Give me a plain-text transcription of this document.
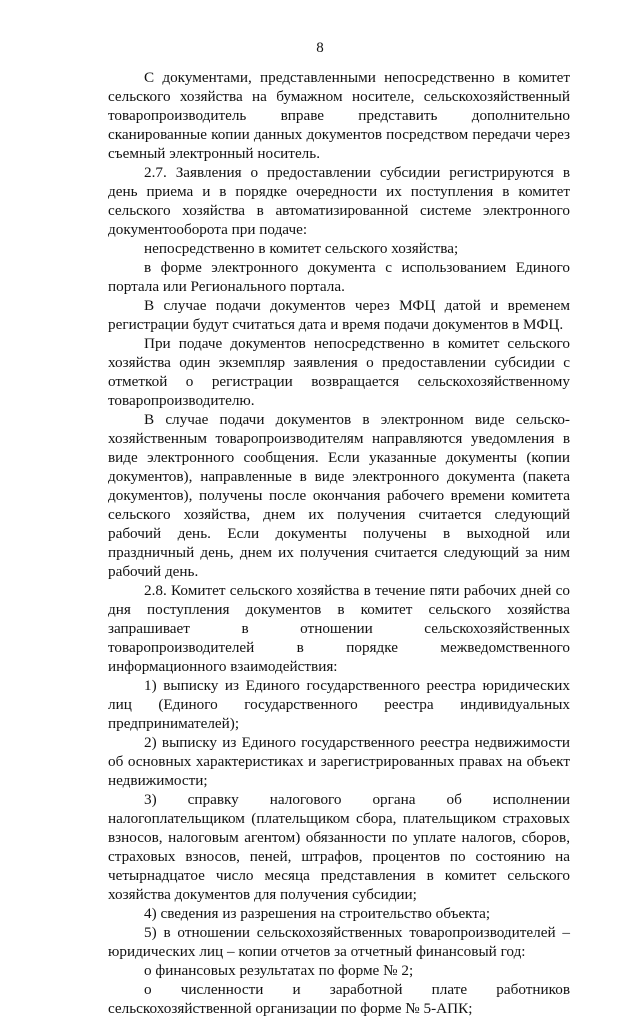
8

С документами, представленными непосредственно в комитет сельского хозяйства на бумажном носителе, сельскохозяйственный товаропроизводитель вправе представить дополнительно сканированные копии данных документов посредством передачи через съемный электронный носитель.

2.7. Заявления о предоставлении субсидии регистрируются в день приема и в порядке очередности их поступления в комитет сельского хозяйства в автоматизированной системе электронного документооборота при подаче:

непосредственно в комитет сельского хозяйства;

в форме электронного документа с использованием Единого портала или Регионального портала.

В случае подачи документов через МФЦ датой и временем регистрации будут считаться дата и время подачи документов в МФЦ.

При подаче документов непосредственно в комитет сельского хозяйства один экземпляр заявления о предоставлении субсидии с отметкой о регистрации возвращается сельскохозяйственному товаропроизводителю.

В случае подачи документов в электронном виде сельско-хозяйственным товаропроизводителям направляются уведомления в виде электронного сообщения. Если указанные документы (копии документов), направленные в виде электронного документа (пакета документов), получены после окончания рабочего времени комитета сельского хозяйства, днем их получения считается следующий рабочий день. Если документы получены в выходной или праздничный день, днем их получения считается следующий за ним рабочий день.

2.8. Комитет сельского хозяйства в течение пяти рабочих дней со дня поступления документов в комитет сельского хозяйства запрашивает в отношении сельскохозяйственных товаропроизводителей в порядке межведомственного информационного взаимодействия:

1) выписку из Единого государственного реестра юридических лиц (Единого государственного реестра индивидуальных предпринимателей);

2) выписку из Единого государственного реестра недвижимости об основных характеристиках и зарегистрированных правах на объект недвижимости;

3) справку налогового органа об исполнении налогоплательщиком (плательщиком сбора, плательщиком страховых взносов, налоговым агентом) обязанности по уплате налогов, сборов, страховых взносов, пеней, штрафов, процентов по состоянию на четырнадцатое число месяца представления в комитет сельского хозяйства документов для получения субсидии;

4) сведения из разрешения на строительство объекта;

5) в отношении сельскохозяйственных товаропроизводителей – юридических лиц – копии отчетов за отчетный финансовый год:

о финансовых результатах по форме № 2;

о численности и заработной плате работников сельскохозяйственной организации по форме № 5-АПК;
